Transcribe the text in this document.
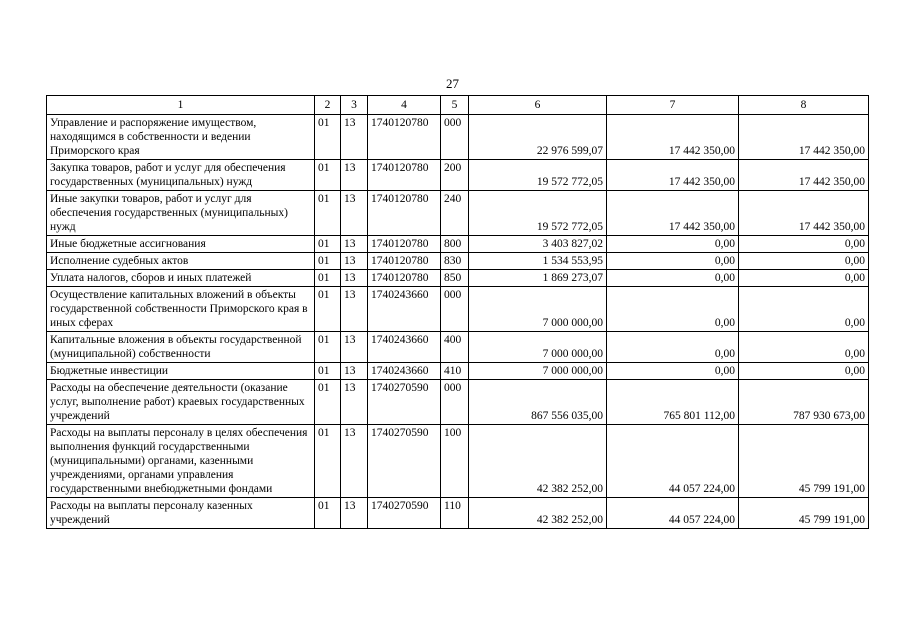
27
1	2	3	4	5	6	7	8
Управление и распоряжение имуществом, находящимся в собственности и ведении Приморского края	01	13	1740120780	000	22 976 599,07	17 442 350,00	17 442 350,00
Закупка товаров, работ и услуг для обеспечения государственных (муниципальных) нужд	01	13	1740120780	200	19 572 772,05	17 442 350,00	17 442 350,00
Иные закупки товаров, работ и услуг для обеспечения государственных (муниципальных) нужд	01	13	1740120780	240	19 572 772,05	17 442 350,00	17 442 350,00
Иные бюджетные ассигнования	01	13	1740120780	800	3 403 827,02	0,00	0,00
Исполнение судебных актов	01	13	1740120780	830	1 534 553,95	0,00	0,00
Уплата налогов, сборов и иных платежей	01	13	1740120780	850	1 869 273,07	0,00	0,00
Осуществление капитальных вложений в объекты государственной собственности Приморского края в иных сферах	01	13	1740243660	000	7 000 000,00	0,00	0,00
Капитальные вложения в объекты государственной (муниципальной) собственности	01	13	1740243660	400	7 000 000,00	0,00	0,00
Бюджетные инвестиции	01	13	1740243660	410	7 000 000,00	0,00	0,00
Расходы на обеспечение деятельности (оказание услуг, выполнение работ) краевых государственных учреждений	01	13	1740270590	000	867 556 035,00	765 801 112,00	787 930 673,00
Расходы на выплаты персоналу в целях обеспечения выполнения функций государственными (муниципальными) органами, казенными учреждениями, органами управления государственными внебюджетными фондами	01	13	1740270590	100	42 382 252,00	44 057 224,00	45 799 191,00
Расходы на выплаты персоналу казенных учреждений	01	13	1740270590	110	42 382 252,00	44 057 224,00	45 799 191,00
